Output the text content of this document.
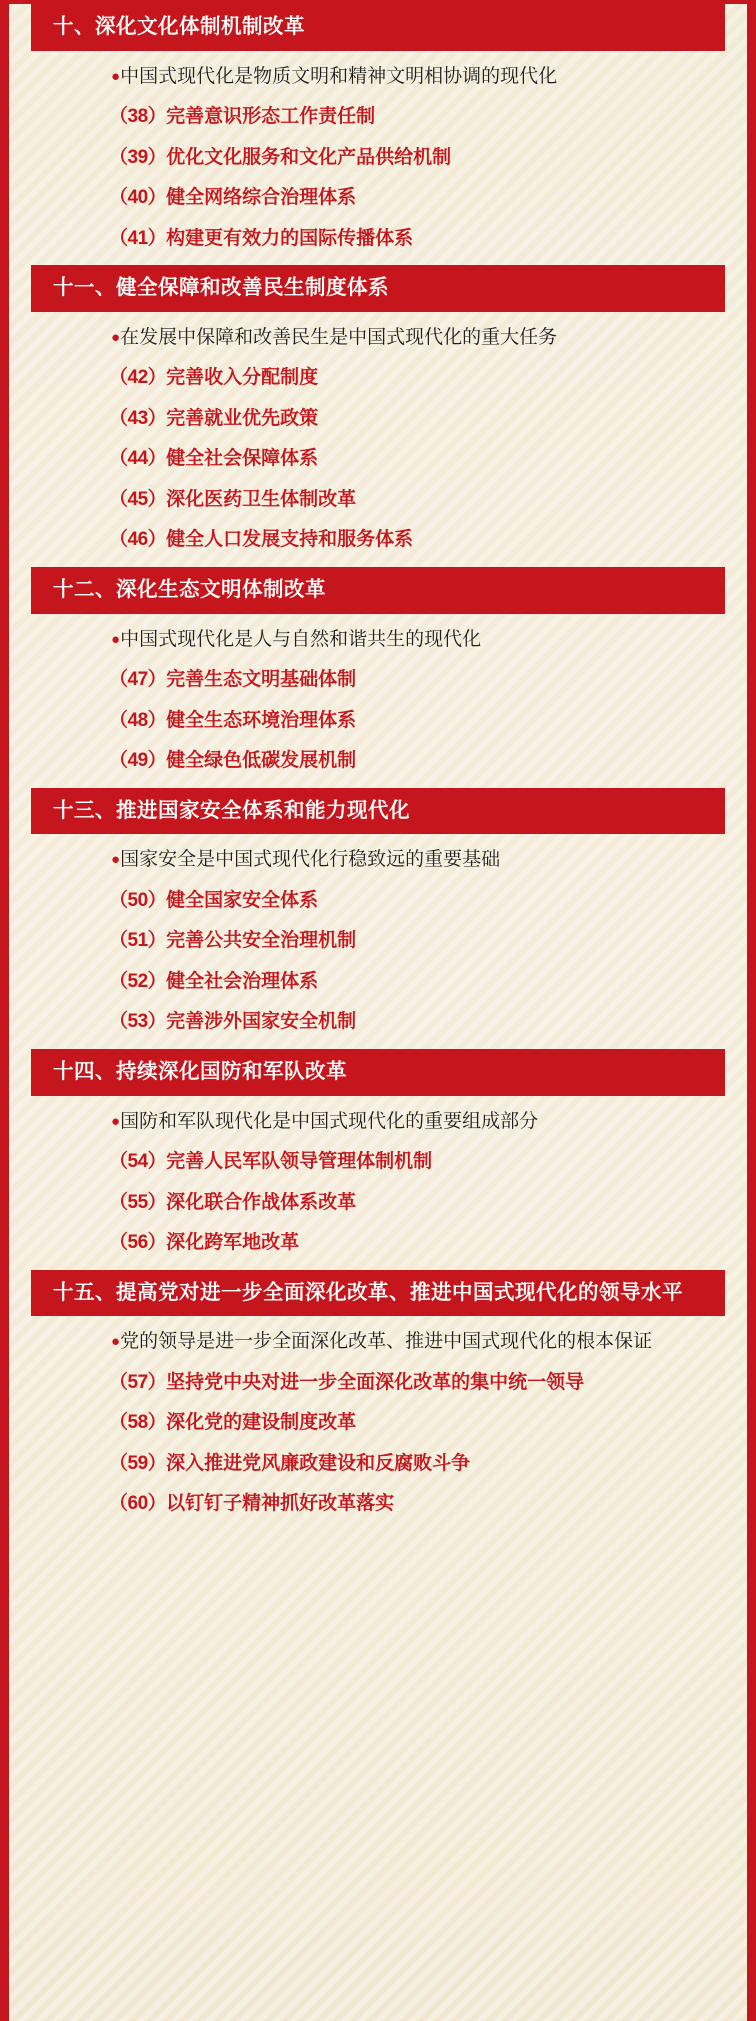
十、深化文化体制机制改革
● 中国式现代化是物质文明和精神文明相协调的现代化
（38） 完善意识形态工作责任制
（39） 优化文化服务和文化产品供给机制
（40） 健全网络综合治理体系
（41） 构建更有效力的国际传播体系
十一、健全保障和改善民生制度体系
● 在发展中保障和改善民生是中国式现代化的重大任务
（42） 完善收入分配制度
（43） 完善就业优先政策
（44） 健全社会保障体系
（45） 深化医药卫生体制改革
（46） 健全人口发展支持和服务体系
十二、深化生态文明体制改革
● 中国式现代化是人与自然和谐共生的现代化
（47） 完善生态文明基础体制
（48） 健全生态环境治理体系
（49） 健全绿色低碳发展机制
十三、推进国家安全体系和能力现代化
● 国家安全是中国式现代化行稳致远的重要基础
（50） 健全国家安全体系
（51） 完善公共安全治理机制
（52） 健全社会治理体系
（53） 完善涉外国家安全机制
十四、持续深化国防和军队改革
● 国防和军队现代化是中国式现代化的重要组成部分
（54） 完善人民军队领导管理体制机制
（55） 深化联合作战体系改革
（56） 深化跨军地改革
十五、提高党对进一步全面深化改革、推进中国式现代化的领导水平
● 党的领导是进一步全面深化改革、推进中国式现代化的根本保证
（57） 坚持党中央对进一步全面深化改革的集中统一领导
（58） 深化党的建设制度改革
（59） 深入推进党风廉政建设和反腐败斗争
（60） 以钉钉子精神抓好改革落实
